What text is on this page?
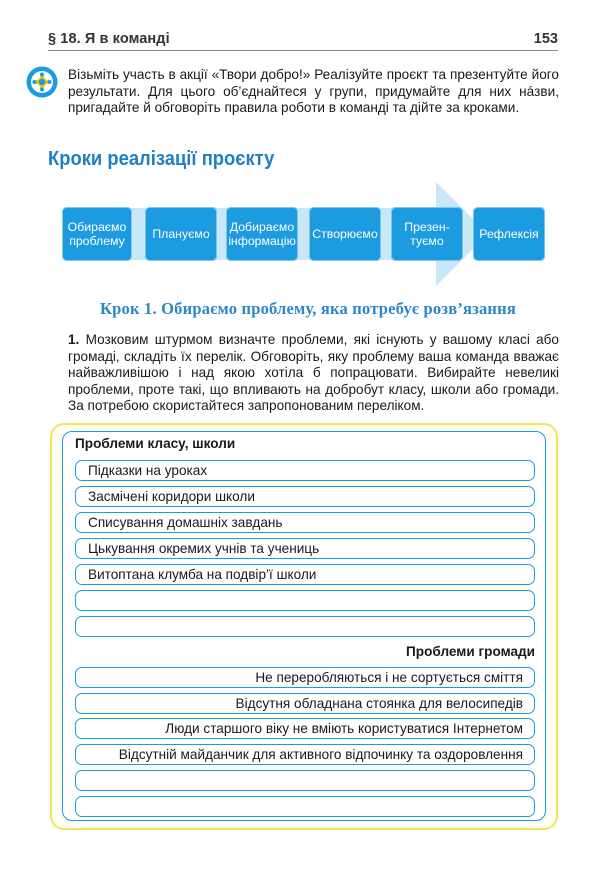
§ 18. Я в команді	153
Візьміть участь в акції «Твори добро!» Реалізуйте проєкт та презентуйте його результати. Для цього об’єднайтеся у групи, придумайте для них нáзви, пригадайте й обговоріть правила роботи в команді та дійте за кроками.
Кроки реалізації проєкту
Обираємо
проблему Плануємо Добираємо
інформацію Створюємо Презен-
туємо	Рефлексія
Крок 1. Обираємо проблему, яка потребує розв’язання
1. Мозковим штурмом визначте проблеми, які існують у вашому класі або громаді, складіть їх перелік. Обговоріть, яку проблему ваша команда вважає найважливішою і над якою хотіла б попрацювати. Вибирайте невеликі проблеми, проте такі, що впливають на добробут класу, школи або громади. За потребою скористайтеся запропонованим переліком.
Проблеми класу, школи
Підказки на уроках
Засмічені коридори школи
Списування домашніх завдань
Цькування окремих учнів та учениць
Витоптана клумба на подвір’ї школи
Проблеми громади
Не переробляються і не сортується сміття
Відсутня обладнана стоянка для велосипедів
Люди старшого віку не вміють користуватися Інтернетом
Відсутній майданчик для активного відпочинку та оздоровлення
